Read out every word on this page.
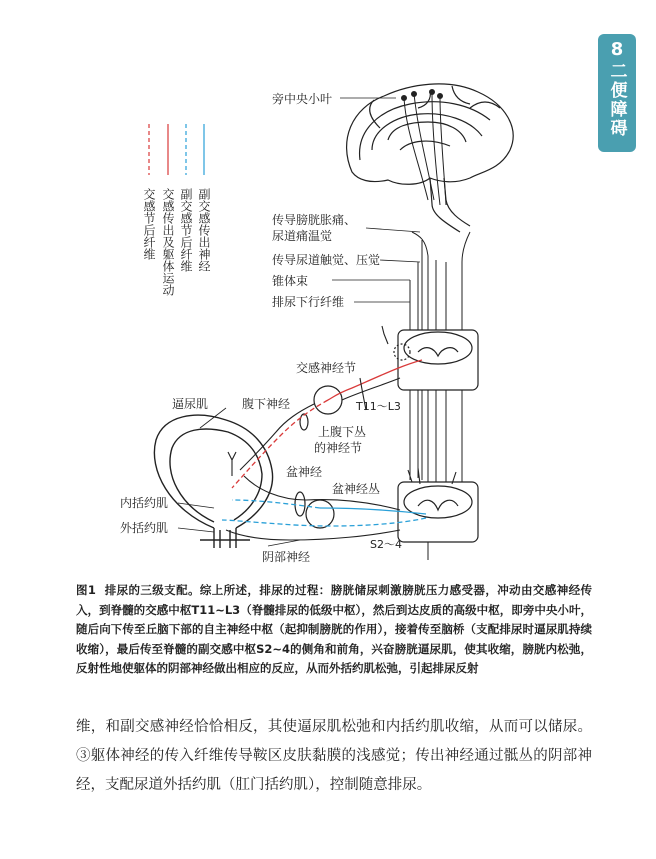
8
二便障碍
副交感传出神经
副交感节后纤维
交感传出及躯体运动
交感节后纤维
旁中央小叶
传导膀胱胀痛、
尿道痛温觉
传导尿道触觉、压觉
锥体束
排尿下行纤维
交感神经节
逼尿肌	腹下神经	T11～L3
上腹下丛
的神经节
盆神经
盆神经丛
内括约肌
外括约肌
S2～4
阴部神经
图1 排尿的三级支配。综上所述，排尿的过程：膀胱储尿刺激膀胱压力感受器，冲动由交感神经传入，到脊髓的交感中枢T11~L3（脊髓排尿的低级中枢），然后到达皮质的高级中枢，即旁中央小叶，随后向下传至丘脑下部的自主神经中枢（起抑制膀胱的作用），接着传至脑桥（支配排尿时逼尿肌持续收缩），最后传至脊髓的副交感中枢S2~4的侧角和前角，兴奋膀胱逼尿肌，使其收缩，膀胱内松弛，反射性地使躯体的阴部神经做出相应的反应，从而外括约肌松弛，引起排尿反射
维，和副交感神经恰恰相反，其使逼尿肌松弛和内括约肌收缩，从而可以储尿。③躯体神经的传入纤维传导鞍区皮肤黏膜的浅感觉；传出神经通过骶丛的阴部神经，支配尿道外括约肌（肛门括约肌），控制随意排尿。
